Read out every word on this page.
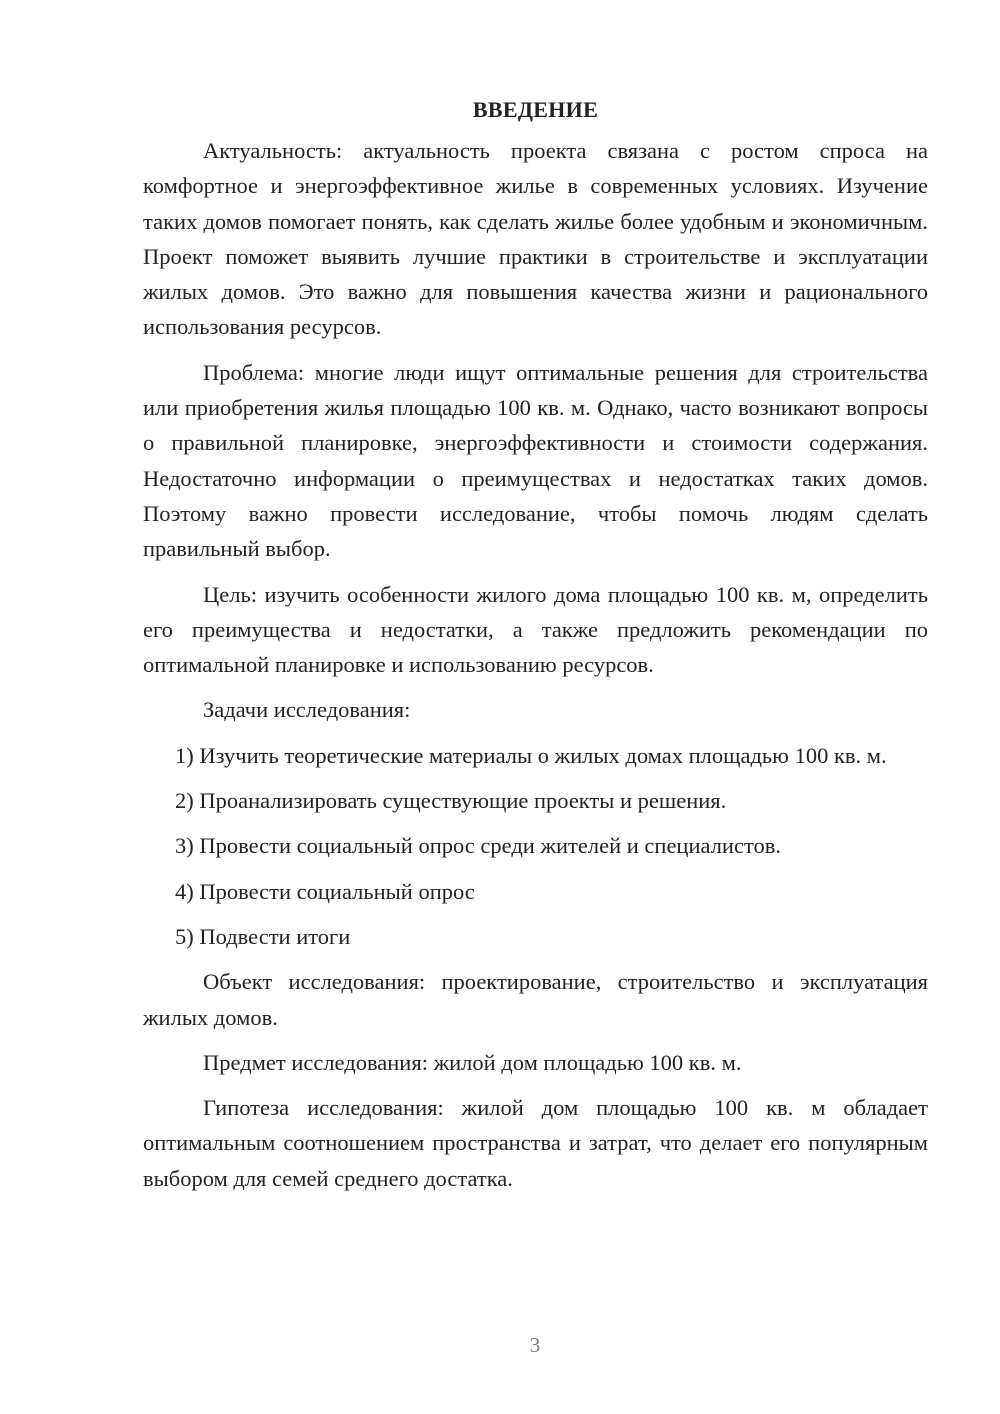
ВВЕДЕНИЕ

Актуальность: актуальность проекта связана с ростом спроса на комфортное и энергоэффективное жилье в современных условиях. Изучение таких домов помогает понять, как сделать жилье более удобным и экономичным. Проект поможет выявить лучшие практики в строительстве и эксплуатации жилых домов. Это важно для повышения качества жизни и рационального использования ресурсов.

Проблема: многие люди ищут оптимальные решения для строительства или приобретения жилья площадью 100 кв. м. Однако, часто возникают вопросы о правильной планировке, энергоэффективности и стоимости содержания. Недостаточно информации о преимуществах и недостатках таких домов. Поэтому важно провести исследование, чтобы помочь людям сделать правильный выбор.

Цель: изучить особенности жилого дома площадью 100 кв. м, определить его преимущества и недостатки, а также предложить рекомендации по оптимальной планировке и использованию ресурсов.

Задачи исследования:

1) Изучить теоретические материалы о жилых домах площадью 100 кв. м.

2) Проанализировать существующие проекты и решения.

3) Провести социальный опрос среди жителей и специалистов.

4) Провести социальный опрос

5) Подвести итоги

Объект исследования: проектирование, строительство и эксплуатация жилых домов.

Предмет исследования: жилой дом площадью 100 кв. м.

Гипотеза исследования: жилой дом площадью 100 кв. м обладает оптимальным соотношением пространства и затрат, что делает его популярным выбором для семей среднего достатка.

3
